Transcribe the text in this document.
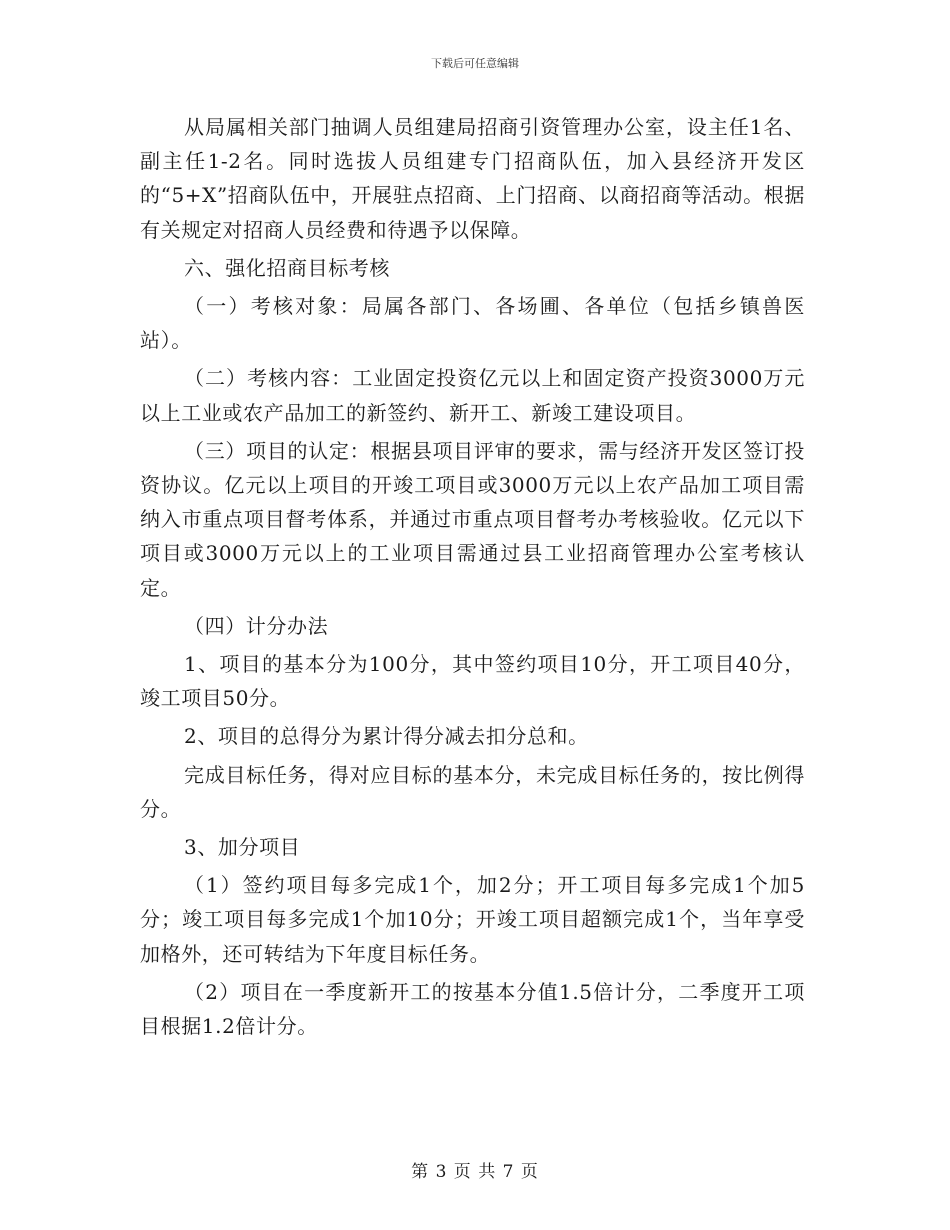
下载后可任意编辑

从局属相关部门抽调人员组建局招商引资管理办公室，设主任1名、副主任1-2名。同时选拔人员组建专门招商队伍，加入县经济开发区的“5+X”招商队伍中，开展驻点招商、上门招商、以商招商等活动。根据有关规定对招商人员经费和待遇予以保障。

六、强化招商目标考核

（一）考核对象：局属各部门、各场圃、各单位（包括乡镇兽医站）。

（二）考核内容：工业固定投资亿元以上和固定资产投资3000万元以上工业或农产品加工的新签约、新开工、新竣工建设项目。

（三）项目的认定：根据县项目评审的要求，需与经济开发区签订投资协议。亿元以上项目的开竣工项目或3000万元以上农产品加工项目需纳入市重点项目督考体系，并通过市重点项目督考办考核验收。亿元以下项目或3000万元以上的工业项目需通过县工业招商管理办公室考核认定。

（四）计分办法

1、项目的基本分为100分，其中签约项目10分，开工项目40分，竣工项目50分。

2、项目的总得分为累计得分减去扣分总和。

完成目标任务，得对应目标的基本分，未完成目标任务的，按比例得分。

3、加分项目

（1）签约项目每多完成1个，加2分；开工项目每多完成1个加5分；竣工项目每多完成1个加10分；开竣工项目超额完成1个，当年享受加格外，还可转结为下年度目标任务。

（2）项目在一季度新开工的按基本分值1.5倍计分，二季度开工项目根据1.2倍计分。

第 3 页 共 7 页
